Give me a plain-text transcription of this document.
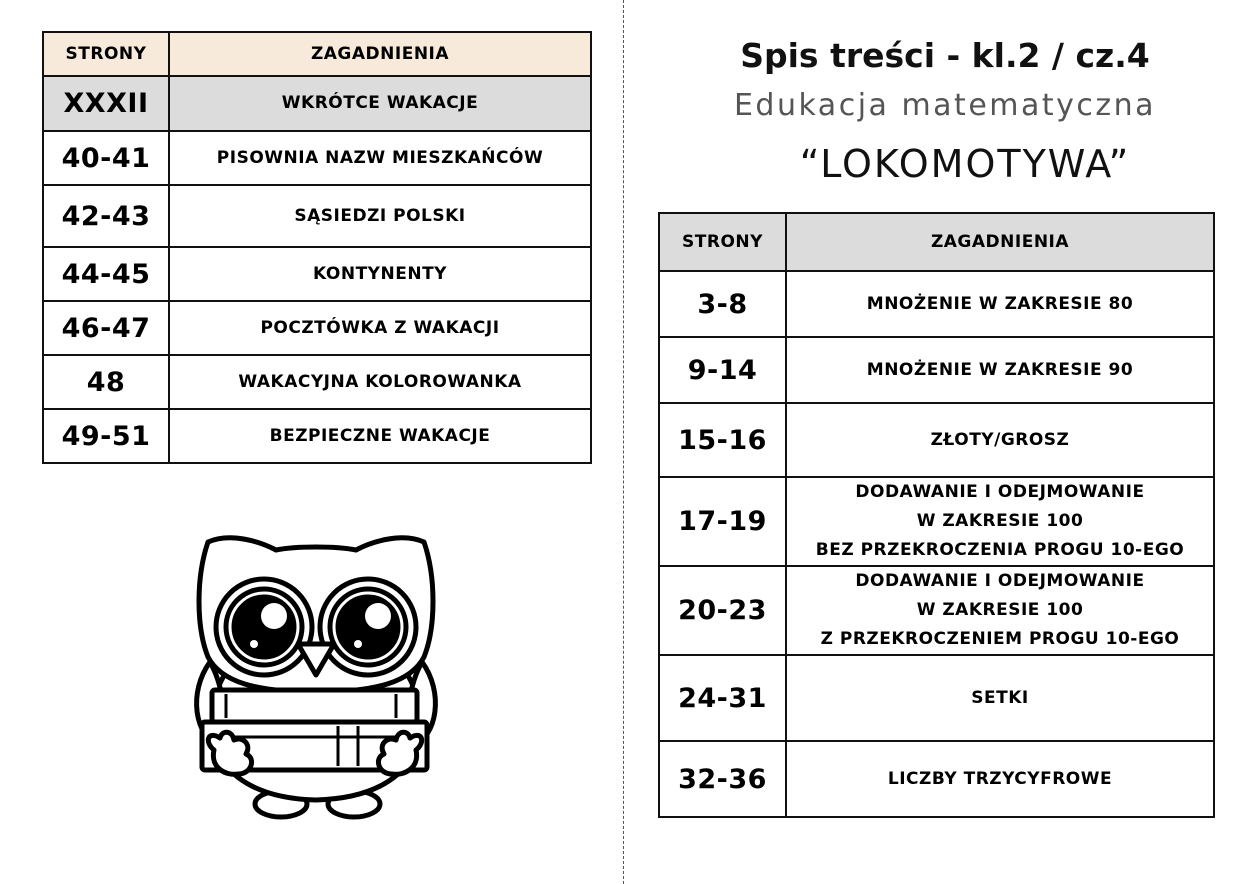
STRONY	ZAGADNIENIA
XXXII	WKRÓTCE WAKACJE
40-41	PISOWNIA NAZW MIESZKAŃCÓW
42-43	SĄSIEDZI POLSKI
44-45	KONTYNENTY
46-47	POCZTÓWKA Z WAKACJI
48	WAKACYJNA KOLOROWANKA
49-51	BEZPIECZNE WAKACJE
Spis treści - kl.2 / cz.4
Edukacja matematyczna
“LOKOMOTYWA”
STRONY	ZAGADNIENIA
3-8	MNOŻENIE W ZAKRESIE 80
9-14	MNOŻENIE W ZAKRESIE 90
15-16	ZŁOTY/GROSZ
17-19	DODAWANIE I ODEJMOWANIE
W ZAKRESIE 100
BEZ PRZEKROCZENIA PROGU 10-EGO

20-23	DODAWANIE I ODEJMOWANIE
W ZAKRESIE 100
Z PRZEKROCZENIEM PROGU 10-EGO

24-31	SETKI
32-36	LICZBY TRZYCYFROWE
